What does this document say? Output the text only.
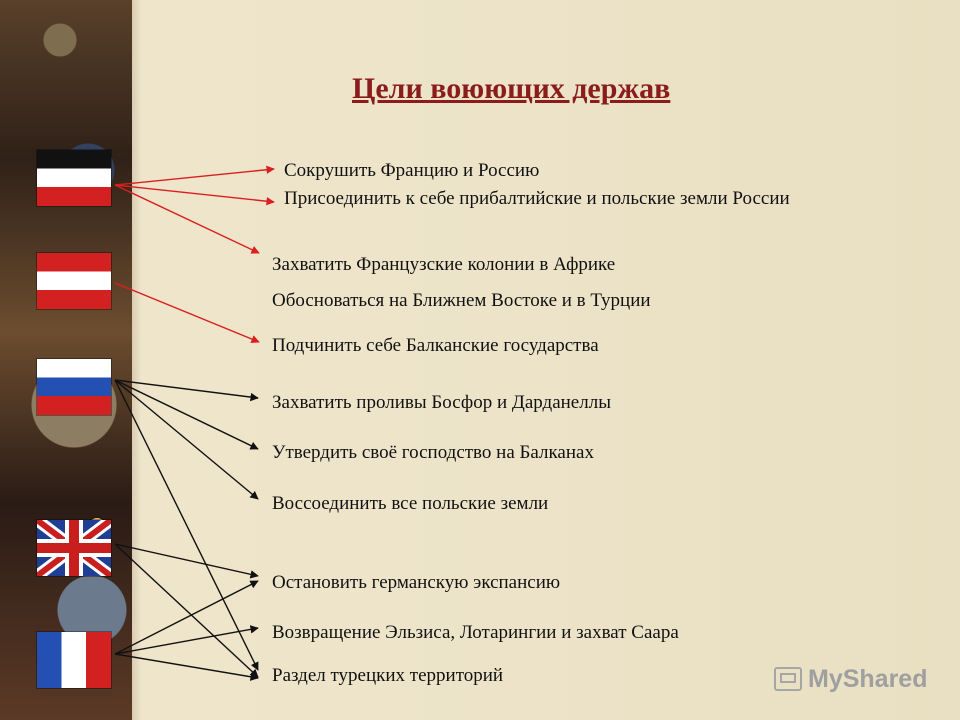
Цели воюющих держав
Сокрушить Францию и Россию
Присоединить к себе прибалтийские и польские земли России
Захватить Французские колонии в Африке
Обосноваться на Ближнем Востоке и в Турции
Подчинить себе Балканские государства
Захватить проливы Босфор и Дарданеллы
Утвердить своё господство на Балканах
Воссоединить все польские земли
Остановить германскую экспансию
Возвращение Эльзиса, Лотарингии и захват Саара
Раздел турецких территорий	MyShared
